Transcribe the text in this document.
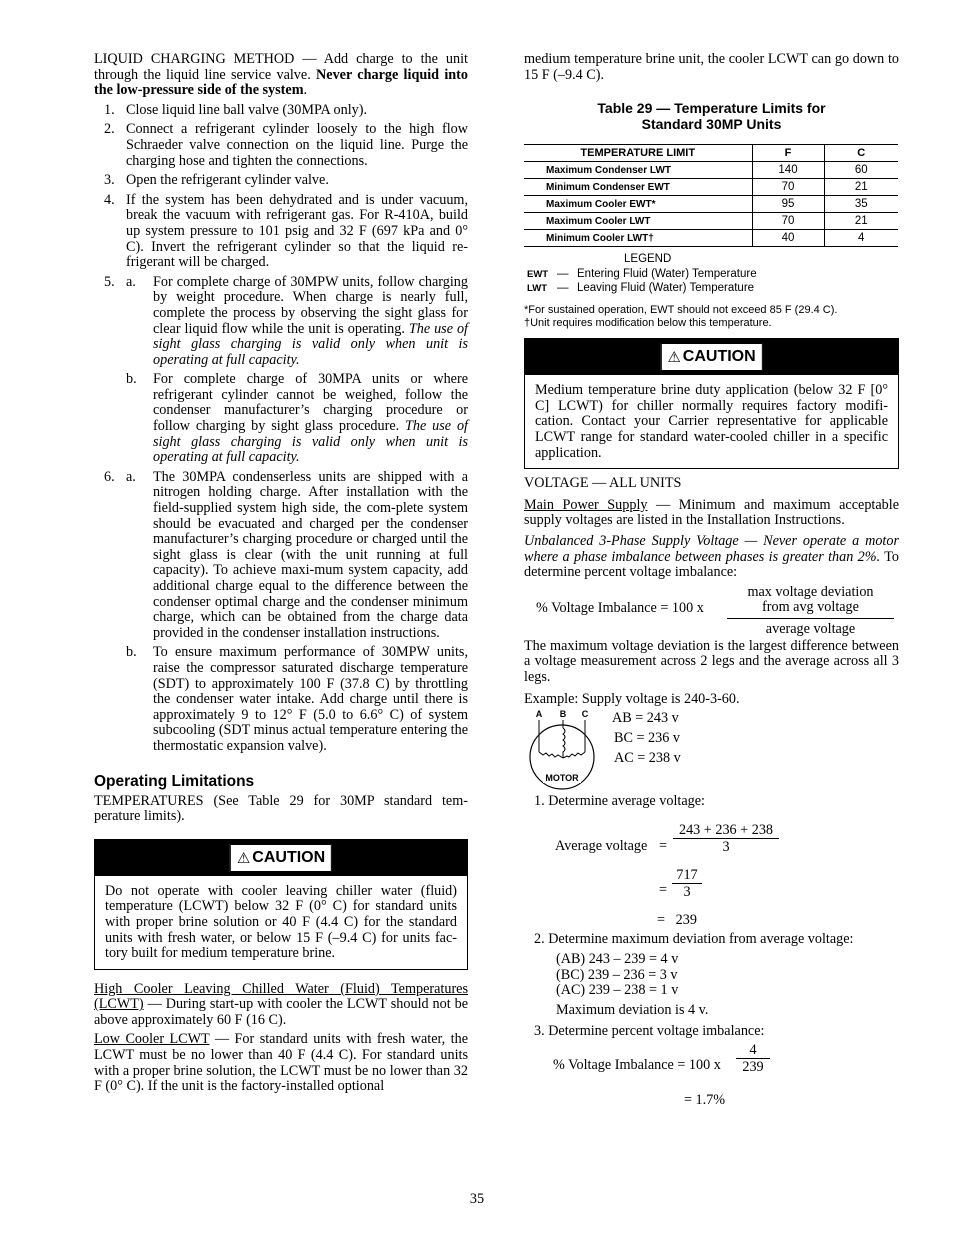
LIQUID CHARGING METHOD — Add charge to the unit through the liquid line service valve. Never charge liquid into the low-pressure side of the system.

1. Close liquid line ball valve (30MPA only).
2. Connect a refrigerant cylinder loosely to the high flow Schraeder valve connection on the liquid line. Purge the charging hose and tighten the connections.
3. Open the refrigerant cylinder valve.
4. If the system has been dehydrated and is under vacuum, break the vacuum with refrigerant gas. For R-410A, build up system pressure to 101 psig and 32 F (697 kPa and 0° C). Invert the refrigerant cylinder so that the liquid re-frigerant will be charged.
5. a. For complete charge of 30MPW units, follow charging by weight procedure. When charge is nearly full, complete the process by observing the sight glass for clear liquid flow while the unit is operating. The use of sight glass charging is valid only when unit is operating at full capacity.
b. For complete charge of 30MPA units or where refrigerant cylinder cannot be weighed, follow the condenser manufacturer’s charging procedure or follow charging by sight glass procedure. The use of sight glass charging is valid only when unit is operating at full capacity.
6. a. The 30MPA condenserless units are shipped with a nitrogen holding charge. After installation with the field-supplied system high side, the com-plete system should be evacuated and charged per the condenser manufacturer’s charging procedure or charged until the sight glass is clear (with the unit running at full capacity). To achieve maxi-mum system capacity, add additional charge equal to the difference between the condenser optimal charge and the condenser minimum charge, which can be obtained from the charge data provided in the condenser installation instructions.
b. To ensure maximum performance of 30MPW units, raise the compressor saturated discharge temperature (SDT) to approximately 100 F (37.8 C) by throttling the condenser water intake. Add charge until there is approximately 9 to 12° F (5.0 to 6.6° C) of system subcooling (SDT minus actual temperature entering the thermostatic expansion valve).
Operating Limitations

TEMPERATURES (See Table 29 for 30MP standard tem-perature limits).

⚠ CAUTION

Do not operate with cooler leaving chiller water (fluid) temperature (LCWT) below 32 F (0° C) for standard units with proper brine solution or 40 F (4.4 C) for the standard units with fresh water, or below 15 F (–9.4 C) for units fac-tory built for medium temperature brine.

High Cooler Leaving Chilled Water (Fluid) Temperatures (LCWT) — During start-up with cooler the LCWT should not be above approximately 60 F (16 C).

Low Cooler LCWT — For standard units with fresh water, the LCWT must be no lower than 40 F (4.4 C). For standard units with a proper brine solution, the LCWT must be no lower than 32 F (0° C). If the unit is the factory-installed optional

medium temperature brine unit, the cooler LCWT can go down to 15 F (–9.4 C).

Table 29 — Temperature Limits for
Standard 30MP Units
TEMPERATURE LIMIT	F	C
Maximum Condenser LWT	140	60
Minimum Condenser EWT	70	21
Maximum Cooler EWT*	95	35
Maximum Cooler LWT	70	21
Minimum Cooler LWT†	40	4
LEGEND
EWT — Entering Fluid (Water) Temperature
LWT — Leaving Fluid (Water) Temperature
*For sustained operation, EWT should not exceed 85 F (29.4 C).
†Unit requires modification below this temperature.
⚠ CAUTION

Medium temperature brine duty application (below 32 F [0° C] LCWT) for chiller normally requires factory modifi-cation. Contact your Carrier representative for applicable LCWT range for standard water-cooled chiller in a specific application.

VOLTAGE — ALL UNITS

Main Power Supply — Minimum and maximum acceptable supply voltages are listed in the Installation Instructions.

Unbalanced 3-Phase Supply Voltage — Never operate a motor where a phase imbalance between phases is greater than 2%. To determine percent voltage imbalance:

% Voltage Imbalance = 100 x
max voltage deviation
from avg voltage
average voltage

The maximum voltage deviation is the largest difference between a voltage measurement across 2 legs and the average across all 3 legs.

Example: Supply voltage is 240-3-60.

A B C
MOTOR
AB = 243 v
BC = 236 v
AC = 238 v

1. Determine average voltage:

Average voltage =
243 + 236 + 238
3
=
717
3
=   239

2. Determine maximum deviation from average voltage:

(AB) 243 – 239 = 4 v
(BC) 239 – 236 = 3 v
(AC) 239 – 238 = 1 v
Maximum deviation is 4 v.

3. Determine percent voltage imbalance:

% Voltage Imbalance = 100 x
4
239
= 1.7%
35
